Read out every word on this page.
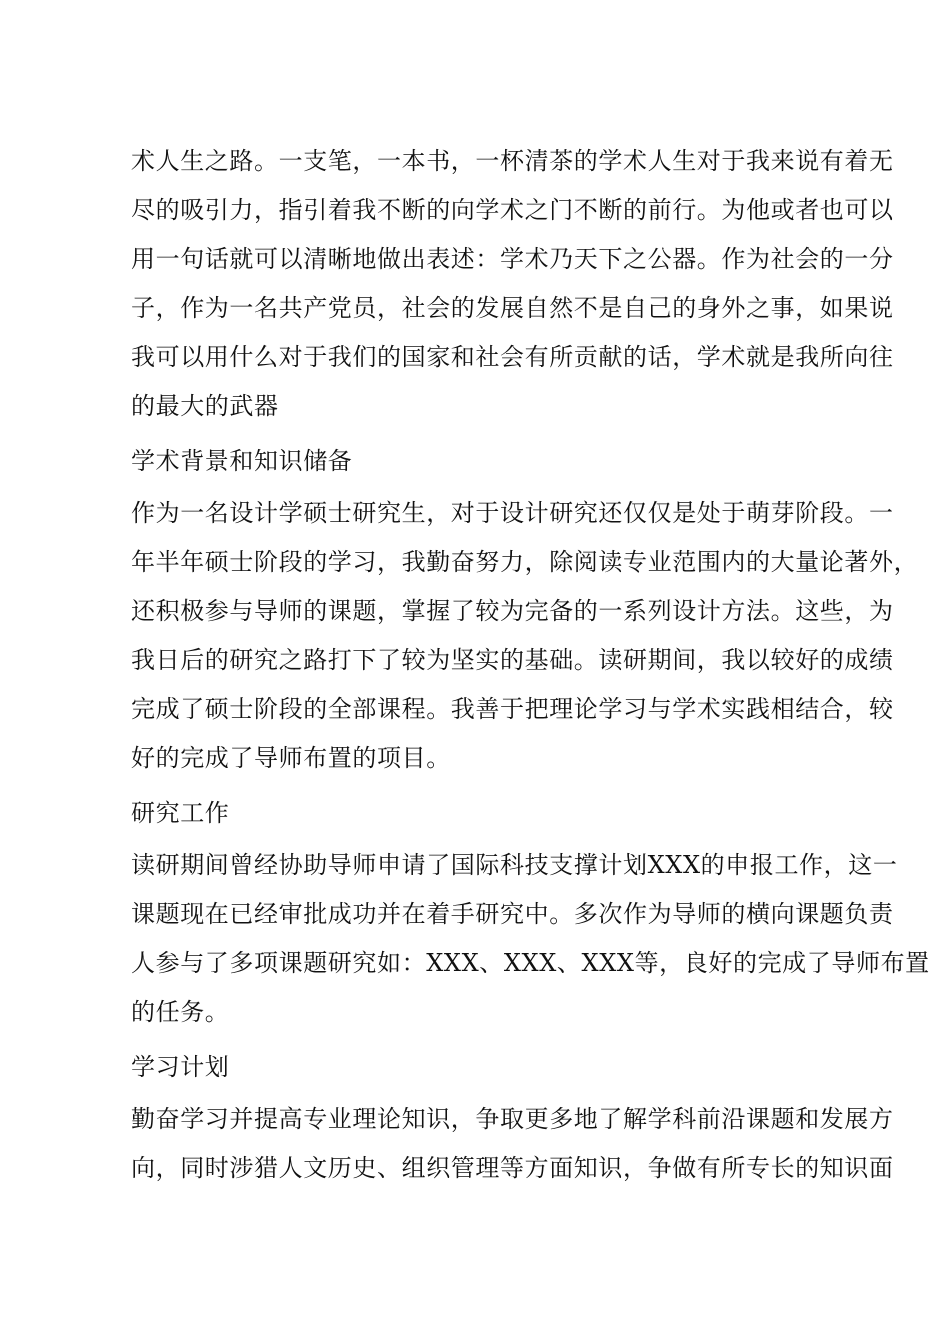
术人生之路。一支笔，一本书，一杯清茶的学术人生对于我来说有着无
尽的吸引力，指引着我不断的向学术之门不断的前行。为他或者也可以
用一句话就可以清晰地做出表述：学术乃天下之公器。作为社会的一分
子，作为一名共产党员，社会的发展自然不是自己的身外之事，如果说
我可以用什么对于我们的国家和社会有所贡献的话，学术就是我所向往
的最大的武器
学术背景和知识储备
作为一名设计学硕士研究生，对于设计研究还仅仅是处于萌芽阶段。一
年半年硕士阶段的学习，我勤奋努力，除阅读专业范围内的大量论著外，
还积极参与导师的课题，掌握了较为完备的一系列设计方法。这些，为
我日后的研究之路打下了较为坚实的基础。读研期间，我以较好的成绩
完成了硕士阶段的全部课程。我善于把理论学习与学术实践相结合，较
好的完成了导师布置的项目。
研究工作
读研期间曾经协助导师申请了国际科技支撑计划XXX的申报工作，这一
课题现在已经审批成功并在着手研究中。多次作为导师的横向课题负责
人参与了多项课题研究如：XXX、XXX、XXX等，良好的完成了导师布置
的任务。
学习计划
勤奋学习并提高专业理论知识，争取更多地了解学科前沿课题和发展方
向，同时涉猎人文历史、组织管理等方面知识，争做有所专长的知识面
